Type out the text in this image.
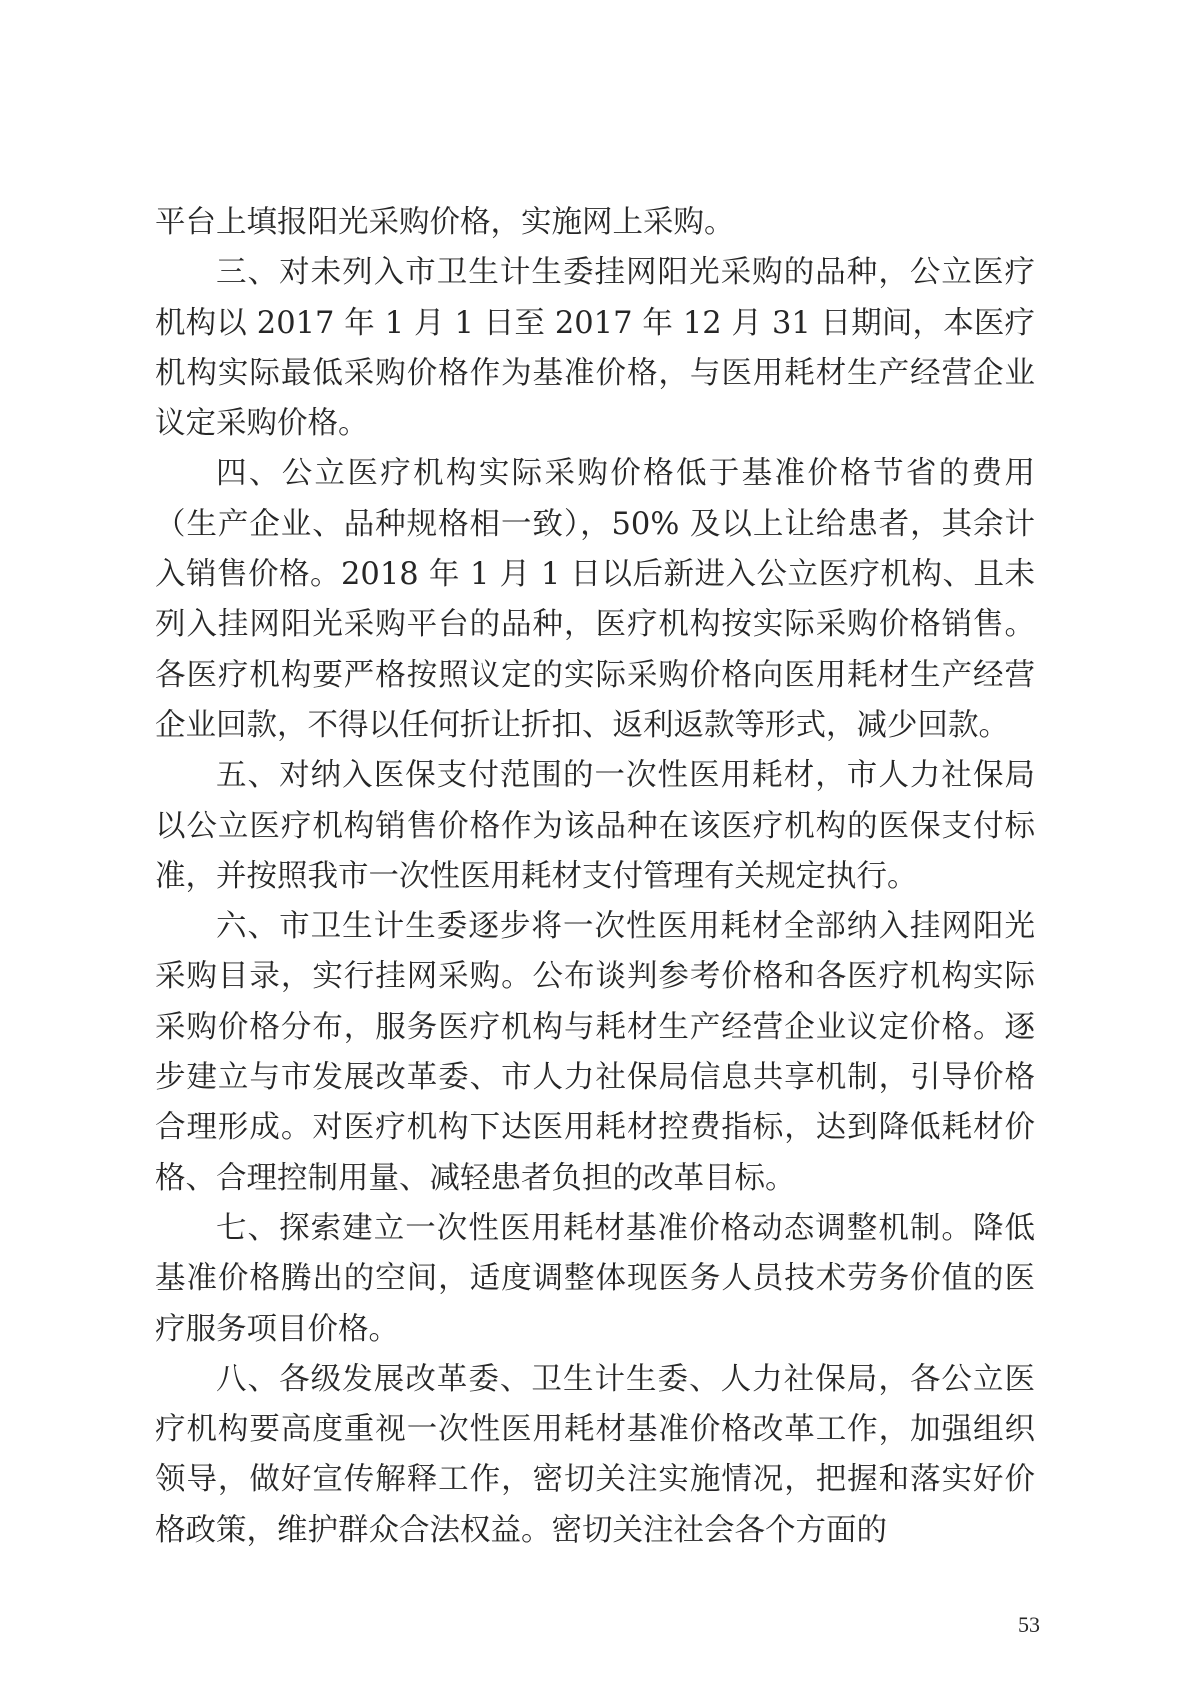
平台上填报阳光采购价格，实施网上采购。

三、对未列入市卫生计生委挂网阳光采购的品种，公立医疗机构以 2017 年 1 月 1 日至 2017 年 12 月 31 日期间，本医疗机构实际最低采购价格作为基准价格，与医用耗材生产经营企业议定采购价格。

四、公立医疗机构实际采购价格低于基准价格节省的费用（生产企业、品种规格相一致），50% 及以上让给患者，其余计入销售价格。2018 年 1 月 1 日以后新进入公立医疗机构、且未列入挂网阳光采购平台的品种，医疗机构按实际采购价格销售。各医疗机构要严格按照议定的实际采购价格向医用耗材生产经营企业回款，不得以任何折让折扣、返利返款等形式，减少回款。

五、对纳入医保支付范围的一次性医用耗材，市人力社保局以公立医疗机构销售价格作为该品种在该医疗机构的医保支付标准，并按照我市一次性医用耗材支付管理有关规定执行。

六、市卫生计生委逐步将一次性医用耗材全部纳入挂网阳光采购目录，实行挂网采购。公布谈判参考价格和各医疗机构实际采购价格分布，服务医疗机构与耗材生产经营企业议定价格。逐步建立与市发展改革委、市人力社保局信息共享机制，引导价格合理形成。对医疗机构下达医用耗材控费指标，达到降低耗材价格、合理控制用量、减轻患者负担的改革目标。

七、探索建立一次性医用耗材基准价格动态调整机制。降低基准价格腾出的空间，适度调整体现医务人员技术劳务价值的医疗服务项目价格。

八、各级发展改革委、卫生计生委、人力社保局，各公立医疗机构要高度重视一次性医用耗材基准价格改革工作，加强组织领导，做好宣传解释工作，密切关注实施情况，把握和落实好价格政策，维护群众合法权益。密切关注社会各个方面的

53
